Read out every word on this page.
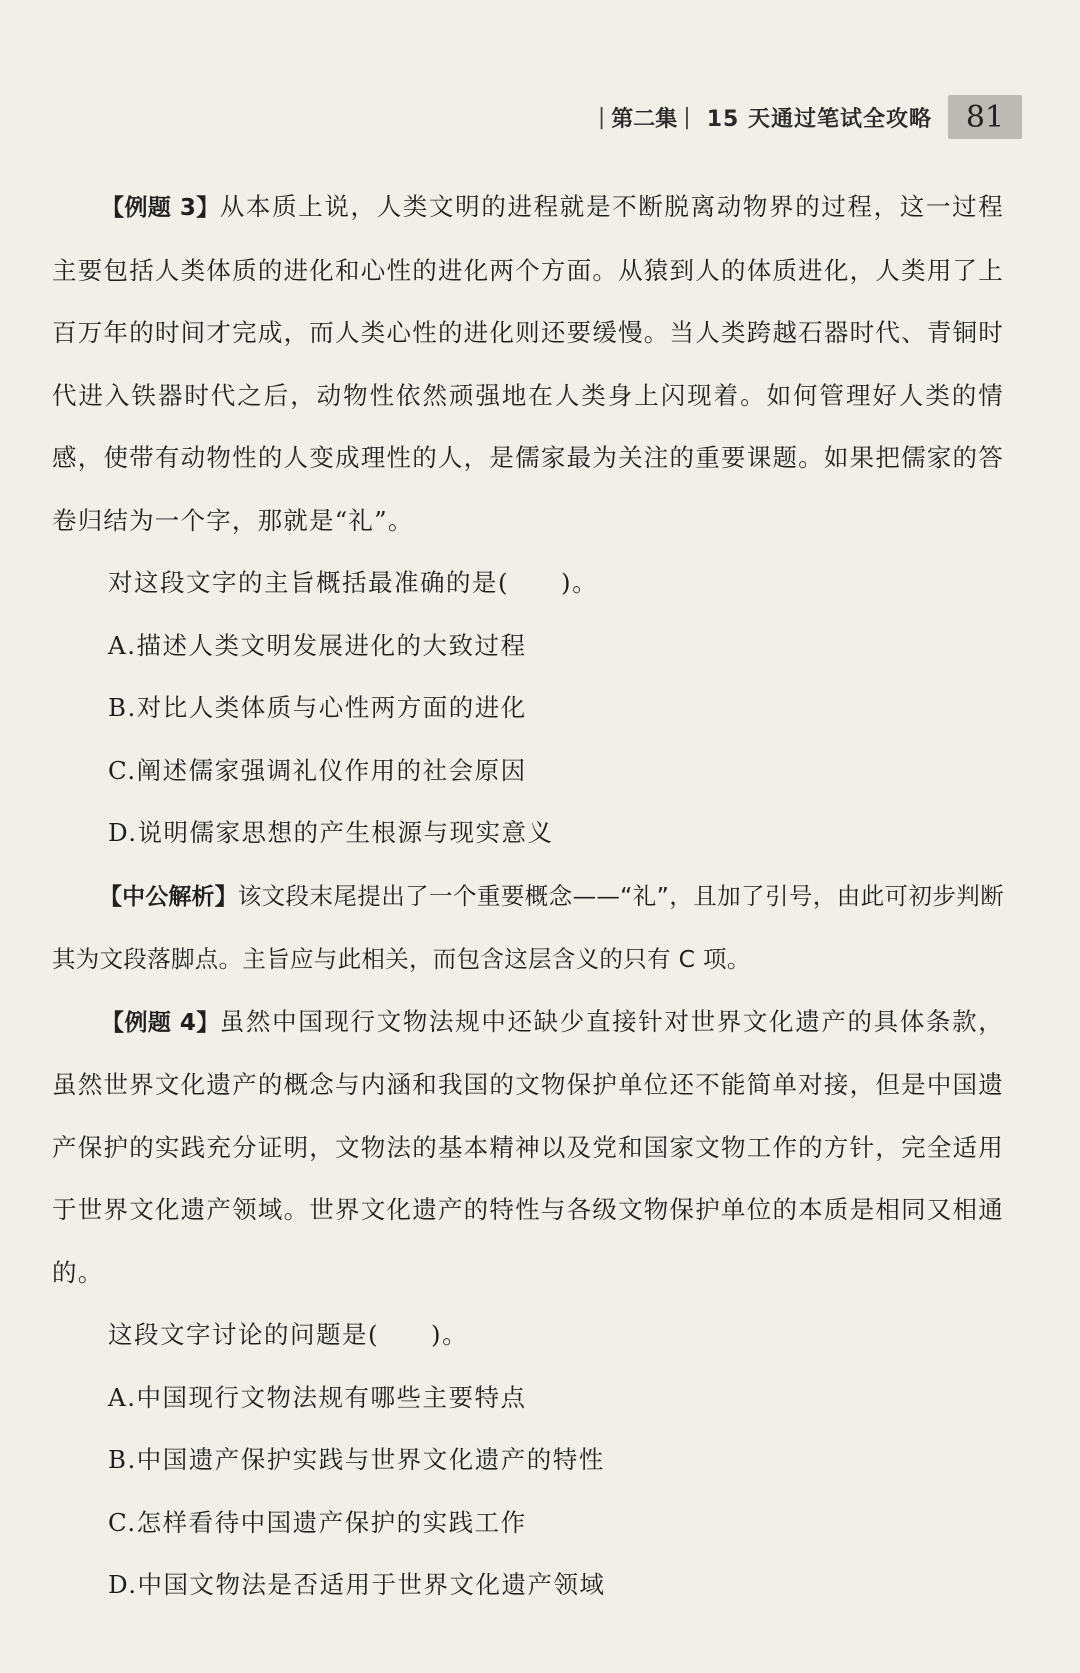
| 第二集 | 15 天通过笔试全攻略	81

【例题 3】从本质上说，人类文明的进程就是不断脱离动物界的过程，这一过程主要包括人类体质的进化和心性的进化两个方面。从猿到人的体质进化，人类用了上百万年的时间才完成，而人类心性的进化则还要缓慢。当人类跨越石器时代、青铜时代进入铁器时代之后，动物性依然顽强地在人类身上闪现着。如何管理好人类的情感，使带有动物性的人变成理性的人，是儒家最为关注的重要课题。如果把儒家的答卷归结为一个字，那就是“礼”。

对这段文字的主旨概括最准确的是(　　)。

A.描述人类文明发展进化的大致过程

B.对比人类体质与心性两方面的进化

C.阐述儒家强调礼仪作用的社会原因

D.说明儒家思想的产生根源与现实意义

【中公解析】该文段末尾提出了一个重要概念——“礼”，且加了引号，由此可初步判断其为文段落脚点。主旨应与此相关，而包含这层含义的只有 C 项。

【例题 4】虽然中国现行文物法规中还缺少直接针对世界文化遗产的具体条款，虽然世界文化遗产的概念与内涵和我国的文物保护单位还不能简单对接，但是中国遗产保护的实践充分证明，文物法的基本精神以及党和国家文物工作的方针，完全适用于世界文化遗产领域。世界文化遗产的特性与各级文物保护单位的本质是相同又相通的。

这段文字讨论的问题是(　　)。

A.中国现行文物法规有哪些主要特点

B.中国遗产保护实践与世界文化遗产的特性

C.怎样看待中国遗产保护的实践工作

D.中国文物法是否适用于世界文化遗产领域
